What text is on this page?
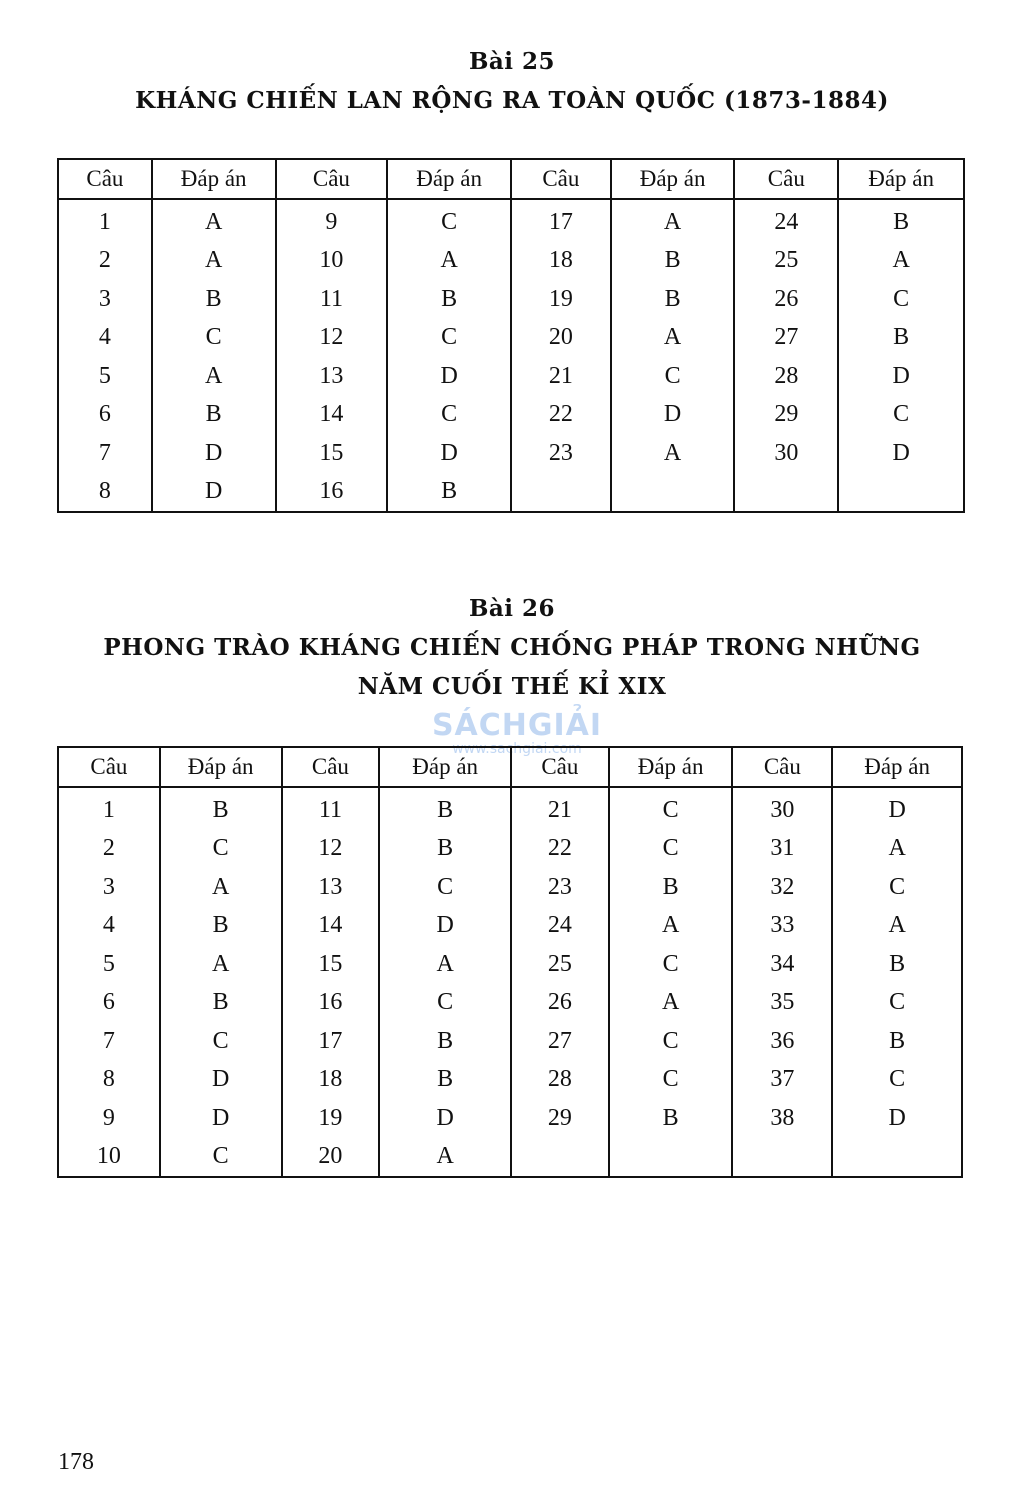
Bài 25
KHÁNG CHIẾN LAN RỘNG RA TOÀN QUỐC (1873-1884)
Câu	Đáp án	Câu	Đáp án	Câu	Đáp án	Câu	Đáp án
1	A	9	C	17	A	24	B
2	A	10	A	18	B	25	A
3	B	11	B	19	B	26	C
4	C	12	C	20	A	27	B
5	A	13	D	21	C	28	D
6	B	14	C	22	D	29	C
7	D	15	D	23	A	30	D
8	D	16	B				
Bài 26
PHONG TRÀO KHÁNG CHIẾN CHỐNG PHÁP TRONG NHỮNG
NĂM CUỐI THẾ KỈ XIX
SÁCHGIẢI
www.sachgiai.com
Câu	Đáp án	Câu	Đáp án	Câu	Đáp án	Câu	Đáp án
1	B	11	B	21	C	30	D
2	C	12	B	22	C	31	A
3	A	13	C	23	B	32	C
4	B	14	D	24	A	33	A
5	A	15	A	25	C	34	B
6	B	16	C	26	A	35	C
7	C	17	B	27	C	36	B
8	D	18	B	28	C	37	C
9	D	19	D	29	B	38	D
10	C	20	A				
178
